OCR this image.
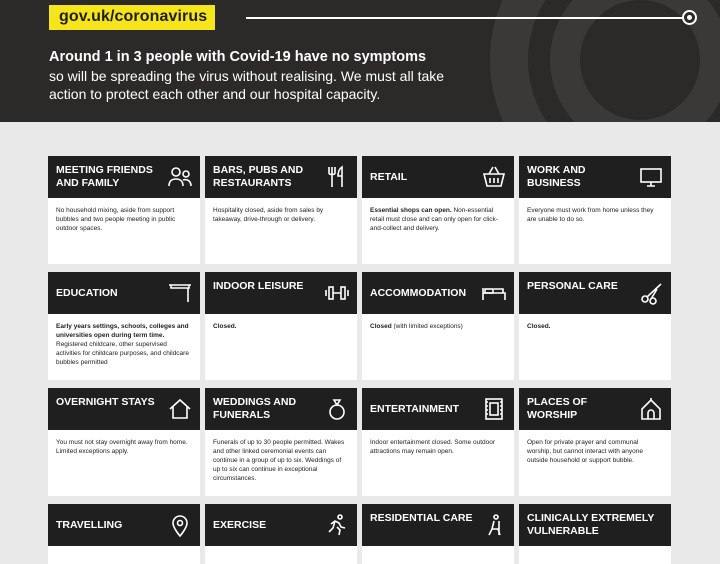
gov.uk/coronavirus
Around 1 in 3 people with Covid-19 have no symptoms
so will be spreading the virus without realising. We must all take action to protect each other and our hospital capacity.
MEETING FRIENDS AND FAMILY
No household mixing, aside from support bubbles and two people meeting in public outdoor spaces.
BARS, PUBS AND RESTAURANTS
Hospitality closed, aside from sales by takeaway, drive-through or delivery.
RETAIL
Essential shops can open. Non-essential retail must close and can only open for click-and-collect and delivery.
WORK AND BUSINESS
Everyone must work from home unless they are unable to do so.
EDUCATION
Early years settings, schools, colleges and universities open during term time. Registered childcare, other supervised activities for childcare purposes, and childcare bubbles permitted
INDOOR LEISURE
Closed.
ACCOMMODATION
Closed (with limited exceptions)
PERSONAL CARE
Closed.
OVERNIGHT STAYS
You must not stay overnight away from home. Limited exceptions apply.
WEDDINGS AND FUNERALS
Funerals of up to 30 people permitted. Wakes and other linked ceremonial events can continue in a group of up to six. Weddings of up to six can continue in exceptional circumstances.
ENTERTAINMENT
Indoor entertainment closed. Some outdoor attractions may remain open.
PLACES OF WORSHIP
Open for private prayer and communal worship, but cannot interact with anyone outside household or support bubble.
TRAVELLING	EXERCISE
RESIDENTIAL CARE	CLINICALLY EXTREMELY VULNERABLE
